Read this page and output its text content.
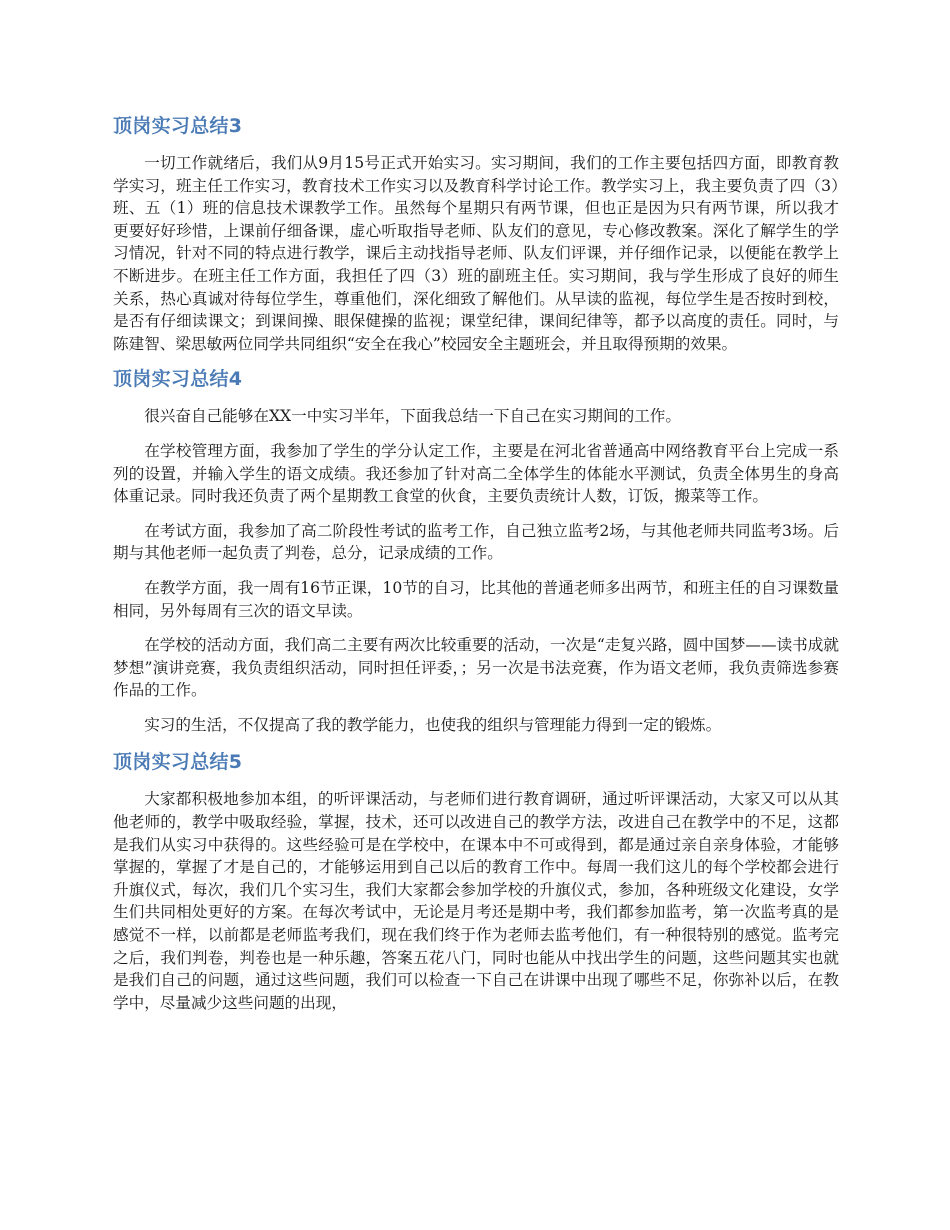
顶岗实习总结3

一切工作就绪后，我们从9月15号正式开始实习。实习期间，我们的工作主要包括四方面，即教育教学实习，班主任工作实习，教育技术工作实习以及教育科学讨论工作。教学实习上，我主要负责了四（3）班、五（1）班的信息技术课教学工作。虽然每个星期只有两节课，但也正是因为只有两节课，所以我才更要好好珍惜，上课前仔细备课，虚心听取指导老师、队友们的意见，专心修改教案。深化了解学生的学习情况，针对不同的特点进行教学，课后主动找指导老师、队友们评课，并仔细作记录，以便能在教学上不断进步。在班主任工作方面，我担任了四（3）班的副班主任。实习期间，我与学生形成了良好的师生关系，热心真诚对待每位学生，尊重他们，深化细致了解他们。从早读的监视，每位学生是否按时到校，是否有仔细读课文；到课间操、眼保健操的监视；课堂纪律，课间纪律等，都予以高度的责任。同时，与陈建智、梁思敏两位同学共同组织“安全在我心”校园安全主题班会，并且取得预期的效果。

顶岗实习总结4

很兴奋自己能够在XX一中实习半年，下面我总结一下自己在实习期间的工作。

在学校管理方面，我参加了学生的学分认定工作，主要是在河北省普通高中网络教育平台上完成一系列的设置，并输入学生的语文成绩。我还参加了针对高二全体学生的体能水平测试，负责全体男生的身高体重记录。同时我还负责了两个星期教工食堂的伙食，主要负责统计人数，订饭，搬菜等工作。

在考试方面，我参加了高二阶段性考试的监考工作，自己独立监考2场，与其他老师共同监考3场。后期与其他老师一起负责了判卷，总分，记录成绩的工作。

在教学方面，我一周有16节正课，10节的自习，比其他的普通老师多出两节，和班主任的自习课数量相同，另外每周有三次的语文早读。

在学校的活动方面，我们高二主要有两次比较重要的活动，一次是“走复兴路，圆中国梦——读书成就梦想”演讲竞赛，我负责组织活动，同时担任评委，；另一次是书法竞赛，作为语文老师，我负责筛选参赛作品的工作。

实习的生活，不仅提高了我的教学能力，也使我的组织与管理能力得到一定的锻炼。

顶岗实习总结5

大家都积极地参加本组，的听评课活动，与老师们进行教育调研，通过听评课活动，大家又可以从其他老师的，教学中吸取经验，掌握，技术，还可以改进自己的教学方法，改进自己在教学中的不足，这都是我们从实习中获得的。这些经验可是在学校中，在课本中不可或得到，都是通过亲自亲身体验，才能够掌握的，掌握了才是自己的，才能够运用到自己以后的教育工作中。每周一我们这儿的每个学校都会进行升旗仪式，每次，我们几个实习生，我们大家都会参加学校的升旗仪式，参加，各种班级文化建设，女学生们共同相处更好的方案。在每次考试中，无论是月考还是期中考，我们都参加监考，第一次监考真的是感觉不一样，以前都是老师监考我们，现在我们终于作为老师去监考他们，有一种很特别的感觉。监考完之后，我们判卷，判卷也是一种乐趣，答案五花八门，同时也能从中找出学生的问题，这些问题其实也就是我们自己的问题，通过这些问题，我们可以检查一下自己在讲课中出现了哪些不足，你弥补以后，在教学中，尽量减少这些问题的出现，
